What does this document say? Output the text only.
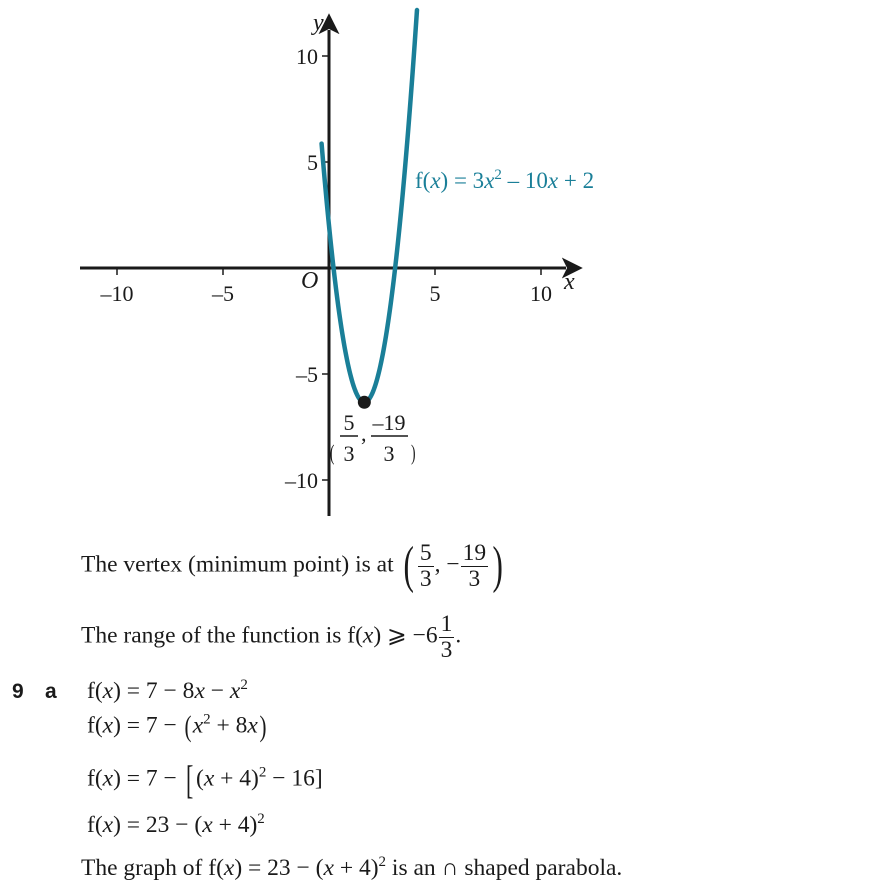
–10	–5	5	10
10
5
–5
–10
x
y
O
$f(x) = 3x^2 - 10x + 2$
(
5
3
, –19
3 )
The vertex (minimum point) is at ( $\frac{5}{3}$ , − $\frac{19}{3}$ )
The range of the function is f(x) ⩾ $-6 \frac{1}{3}$ .
9 a $f(x) = 7 - 8x - x^2$
$f(x) = 7 - (x^2 + 8x)$
f(x) = 7 − [ $(x + 4)^2 - 16$]
$f(x) = 23 - (x + 4)^2$
The graph of $f(x) = 23 - (x + 4)^2$ is an ∩ shaped parabola.
